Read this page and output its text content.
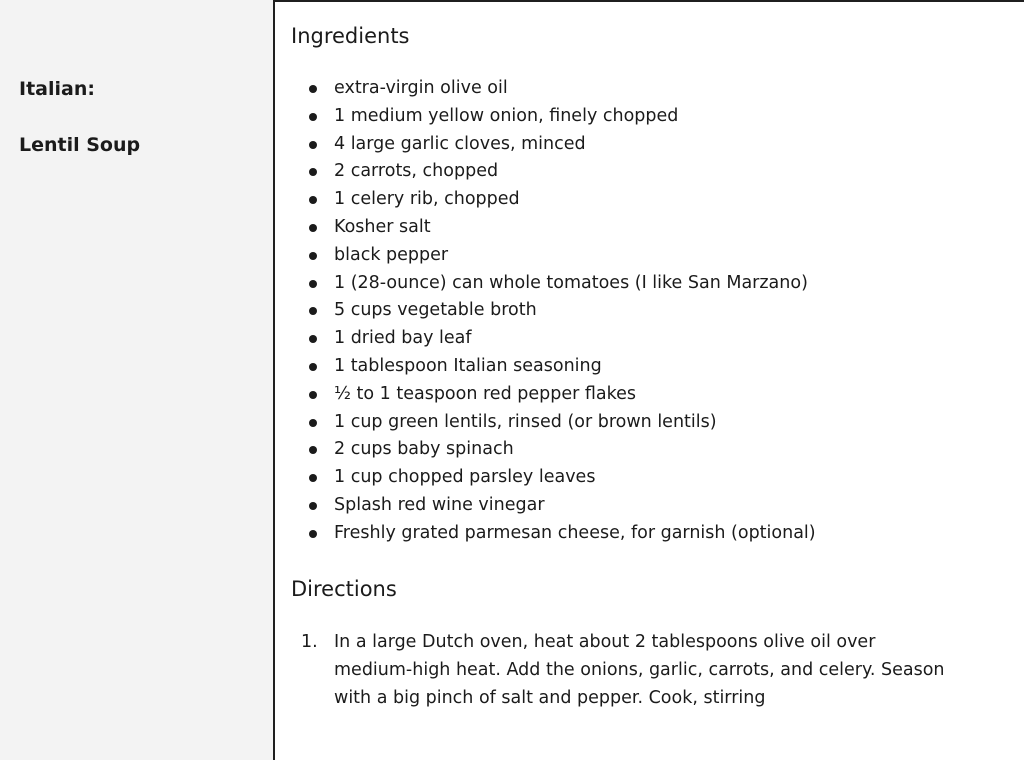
Italian:
Lentil Soup
Ingredients
extra-virgin olive oil
1 medium yellow onion, finely chopped
4 large garlic cloves, minced
2 carrots, chopped
1 celery rib, chopped
Kosher salt
black pepper
1 (28-ounce) can whole tomatoes (I like San Marzano)
5 cups vegetable broth
1 dried bay leaf
1 tablespoon Italian seasoning
½ to 1 teaspoon red pepper flakes
1 cup green lentils, rinsed (or brown lentils)
2 cups baby spinach
1 cup chopped parsley leaves
Splash red wine vinegar
Freshly grated parmesan cheese, for garnish (optional)
Directions
1. In a large Dutch oven, heat about 2 tablespoons olive oil over medium-high heat. Add the onions, garlic, carrots, and celery. Season with a big pinch of salt and pepper. Cook, stirring
